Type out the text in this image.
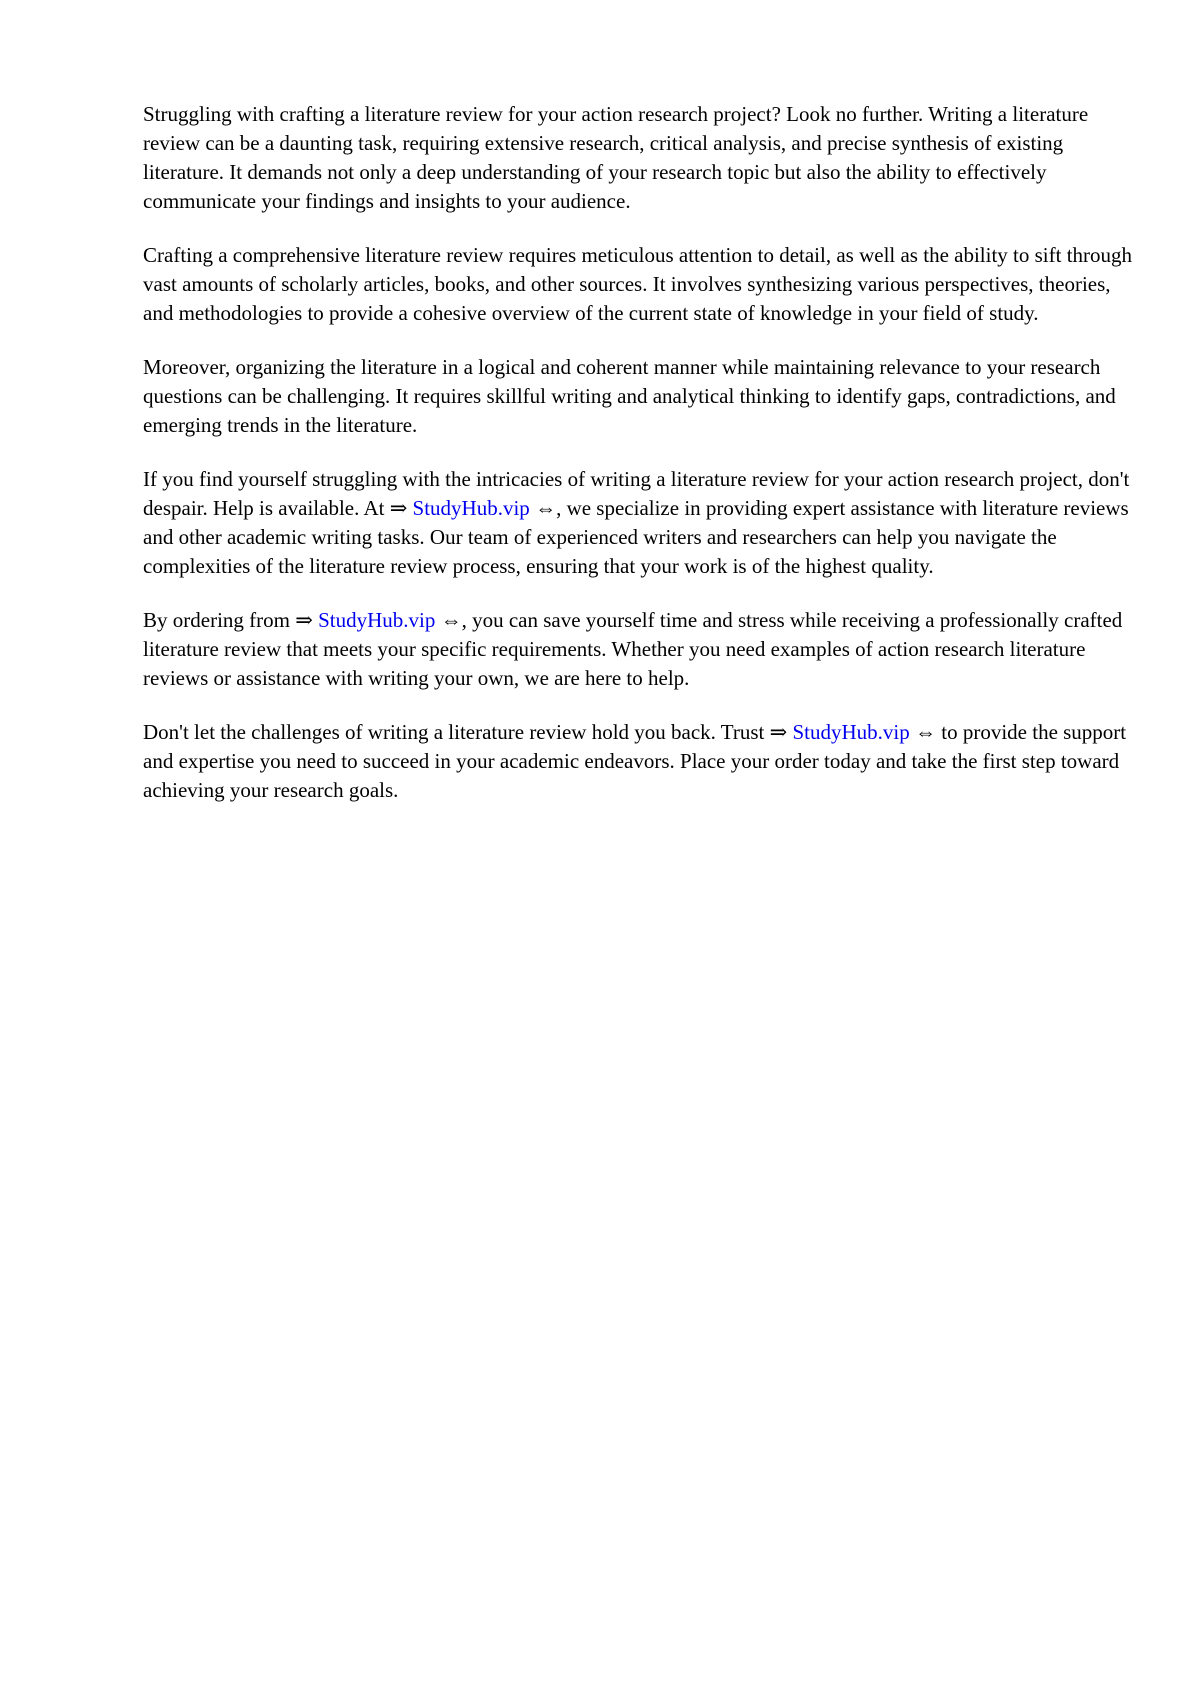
Struggling with crafting a literature review for your action research project? Look no further. Writing a literature review can be a daunting task, requiring extensive research, critical analysis, and precise synthesis of existing literature. It demands not only a deep understanding of your research topic but also the ability to effectively communicate your findings and insights to your audience.

Crafting a comprehensive literature review requires meticulous attention to detail, as well as the ability to sift through vast amounts of scholarly articles, books, and other sources. It involves synthesizing various perspectives, theories, and methodologies to provide a cohesive overview of the current state of knowledge in your field of study.

Moreover, organizing the literature in a logical and coherent manner while maintaining relevance to your research questions can be challenging. It requires skillful writing and analytical thinking to identify gaps, contradictions, and emerging trends in the literature.

If you find yourself struggling with the intricacies of writing a literature review for your action research project, don't despair. Help is available. At ⇒ StudyHub.vip ⇔, we specialize in providing expert assistance with literature reviews and other academic writing tasks. Our team of experienced writers and researchers can help you navigate the complexities of the literature review process, ensuring that your work is of the highest quality.

By ordering from ⇒ StudyHub.vip ⇔, you can save yourself time and stress while receiving a professionally crafted literature review that meets your specific requirements. Whether you need examples of action research literature reviews or assistance with writing your own, we are here to help.

Don't let the challenges of writing a literature review hold you back. Trust ⇒ StudyHub.vip ⇔ to provide the support and expertise you need to succeed in your academic endeavors. Place your order today and take the first step toward achieving your research goals.
